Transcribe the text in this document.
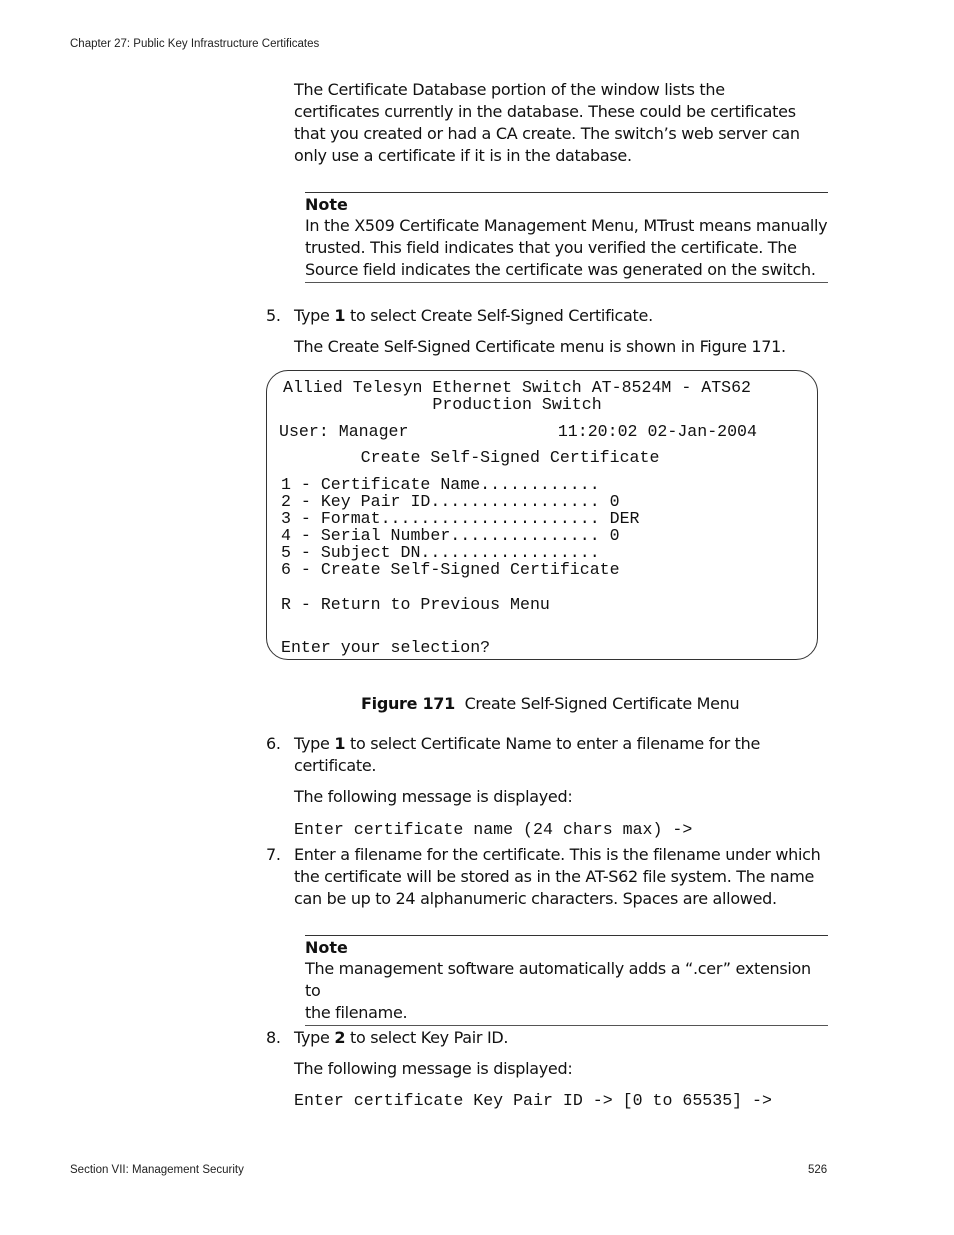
Chapter 27: Public Key Infrastructure Certificates
The Certificate Database portion of the window lists the
certificates currently in the database. These could be certificates
that you created or had a CA create. The switch’s web server can
only use a certificate if it is in the database.
Note
In the X509 Certificate Management Menu, MTrust means manually
trusted. This field indicates that you verified the certificate. The
Source field indicates the certificate was generated on the switch.
5. Type 1 to select Create Self-Signed Certificate.
The Create Self-Signed Certificate menu is shown in Figure 171.
Allied Telesyn Ethernet Switch AT-8524M - ATS62
Production Switch
User: Manager               11:20:02 02-Jan-2004
Create Self-Signed Certificate
1 - Certificate Name............
2 - Key Pair ID................. 0
3 - Format...................... DER
4 - Serial Number............... 0
5 - Subject DN..................
6 - Create Self-Signed Certificate
R - Return to Previous Menu
Enter your selection?
Figure 171 Create Self-Signed Certificate Menu
6. Type 1 to select Certificate Name to enter a filename for the
certificate.
The following message is displayed:
Enter certificate name (24 chars max) ->
7. Enter a filename for the certificate. This is the filename under which
the certificate will be stored as in the AT-S62 file system. The name
can be up to 24 alphanumeric characters. Spaces are allowed.
Note
The management software automatically adds a “.cer” extension to
the filename.
8. Type 2 to select Key Pair ID.
The following message is displayed:
Enter certificate Key Pair ID -> [0 to 65535] ->
Section VII: Management Security	526
